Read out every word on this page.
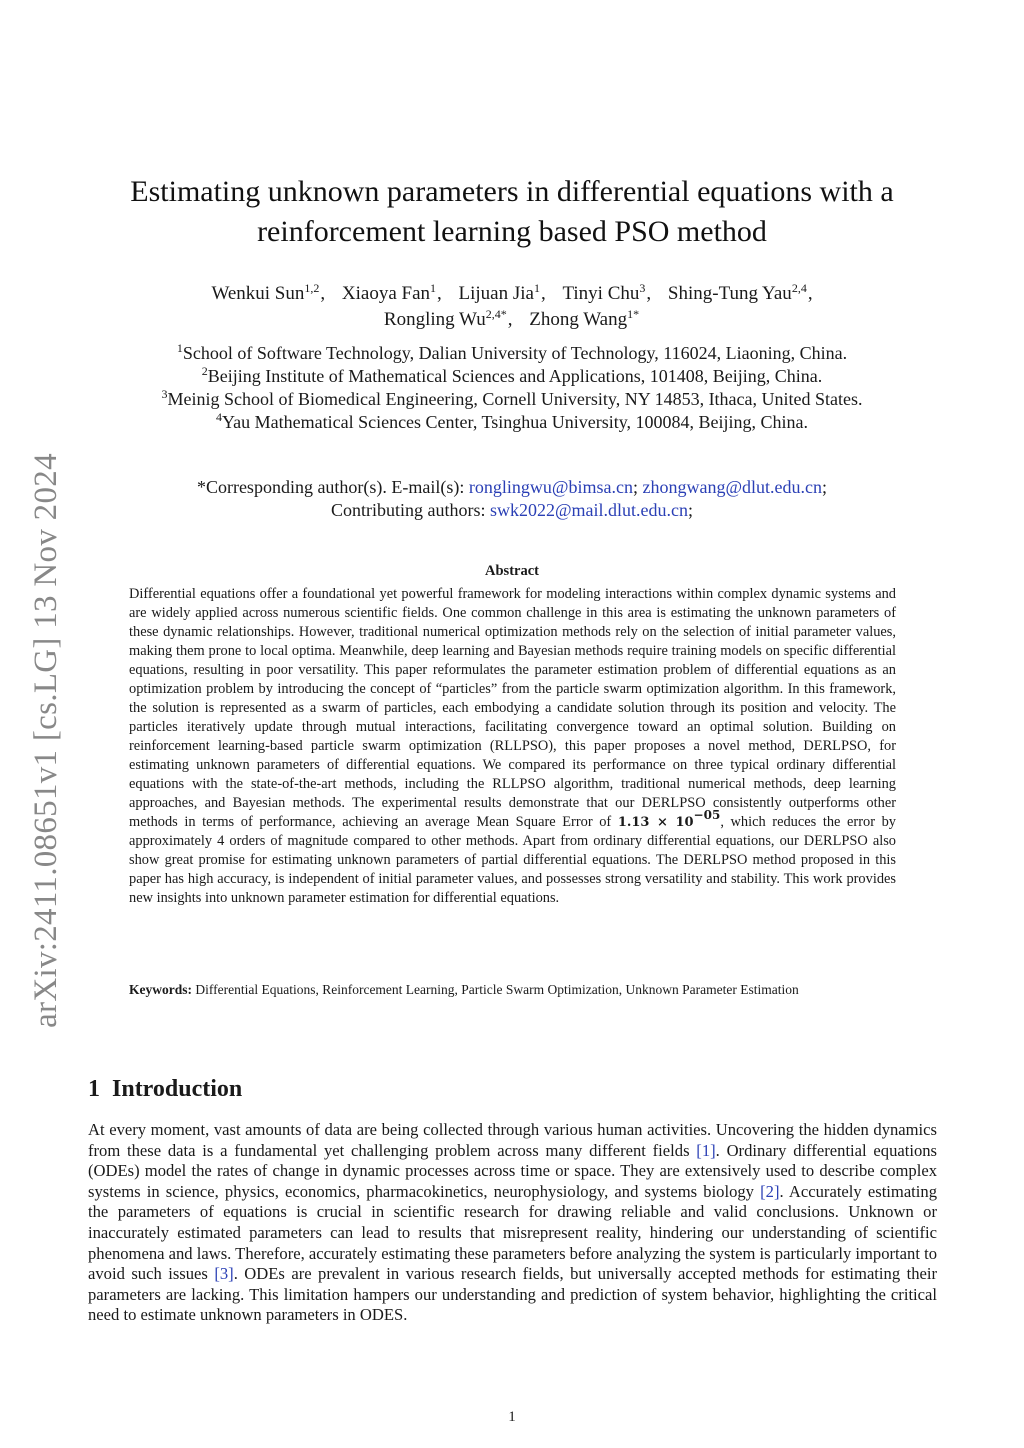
arXiv:2411.08651v1 [cs.LG] 13 Nov 2024
Estimating unknown parameters in differential equations with a
reinforcement learning based PSO method
Wenkui Sun$^{1,2}$, Xiaoya Fan$^1$, Lijuan Jia$^1$, Tinyi Chu$^3$, Shing-Tung Yau$^{2,4}$,
Rongling $Wu^{2,4*}$, Zhong Wang$^{1*}$
$^1$School of Software Technology, Dalian University of Technology, 116024, Liaoning, China.
$^2$Beijing Institute of Mathematical Sciences and Applications, 101408, Beijing, China.
$^3$Meinig School of Biomedical Engineering, Cornell University, NY 14853, Ithaca, United States.
$^4$Yau Mathematical Sciences Center, Tsinghua University, 100084, Beijing, China.
*Corresponding author(s). E-mail(s): ronglingwu@bimsa.cn; zhongwang@dlut.edu.cn;
Contributing authors: swk2022@mail.dlut.edu.cn;
Abstract

Differential equations offer a foundational yet powerful framework for modeling interactions within complex dynamic systems and are widely applied across numerous scientific fields. One common challenge in this area is estimating the unknown parameters of these dynamic relationships. However, traditional numerical optimization methods rely on the selection of initial parameter values, making them prone to local optima. Meanwhile, deep learning and Bayesian methods require training models on specific differential equations, resulting in poor versatility. This paper reformulates the parameter estimation problem of differential equations as an optimization problem by introducing the concept of “particles” from the particle swarm optimization algorithm. In this framework, the solution is represented as a swarm of particles, each embodying a candidate solution through its position and velocity. The particles iteratively update through mutual interactions, facilitating convergence toward an optimal solution. Building on reinforcement learning-based particle swarm optimization (RLLPSO), this paper proposes a novel method, DERLPSO, for estimating unknown parameters of differential equations. We compared its performance on three typical ordinary differential equations with the state-of-the-art methods, including the RLLPSO algorithm, traditional numerical methods, deep learning approaches, and Bayesian methods. The experimental results demonstrate that our DERLPSO consistently outperforms other methods in terms of performance, achieving an average Mean Square Error of $1.13 \times 10^{-05}$, which reduces the error by approximately 4 orders of magnitude compared to other methods. Apart from ordinary differential equations, our DERLPSO also show great promise for estimating unknown parameters of partial differential equations. The DERLPSO method proposed in this paper has high accuracy, is independent of initial parameter values, and possesses strong versatility and stability. This work provides new insights into unknown parameter estimation for differential equations.

Keywords: Differential Equations, Reinforcement Learning, Particle Swarm Optimization, Unknown Parameter Estimation
1 Introduction

At every moment, vast amounts of data are being collected through various human activities. Uncovering the hidden dynamics from these data is a fundamental yet challenging problem across many different fields [1]. Ordinary differential equations (ODEs) model the rates of change in dynamic processes across time or space. They are extensively used to describe complex systems in science, physics, economics, pharmacokinetics, neurophysiology, and systems biology [2]. Accurately estimating the parameters of equations is crucial in scientific research for drawing reliable and valid conclusions. Unknown or inaccurately estimated parameters can lead to results that misrepresent reality, hindering our understanding of scientific phenomena and laws. Therefore, accurately estimating these parameters before analyzing the system is particularly important to avoid such issues [3]. ODEs are prevalent in various research fields, but universally accepted methods for estimating their parameters are lacking. This limitation hampers our understanding and prediction of system behavior, highlighting the critical need to estimate unknown parameters in ODES.

1
